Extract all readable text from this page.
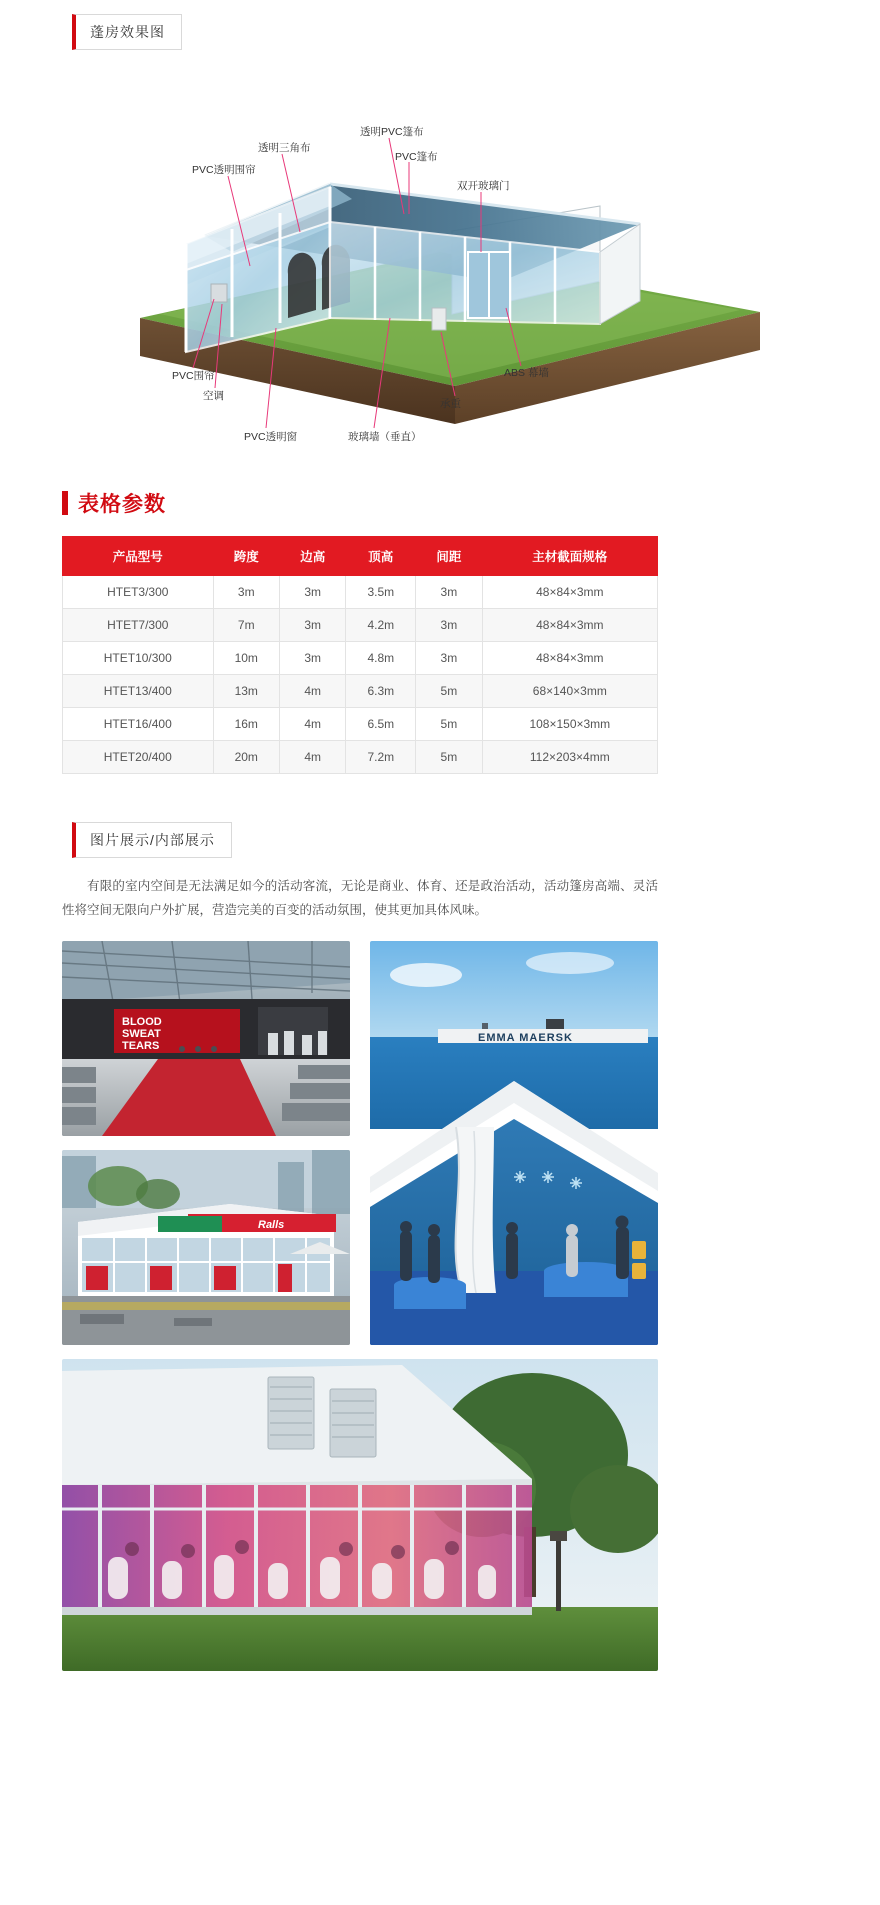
蓬房效果图
透明PVC篷布
PVC篷布
透明三角布
PVC透明围帘
双开玻璃门
PVC围帘
空调
PVC透明窗	玻璃墙（垂直）
承重
ABS 幕墙
表格参数
产品型号	跨度	边高	顶高	间距	主材截面规格
HTET3/300	3m	3m	3.5m	3m	48×84×3mm
HTET7/300	7m	3m	4.2m	3m	48×84×3mm
HTET10/300	10m	3m	4.8m	3m	48×84×3mm
HTET13/400	13m	4m	6.3m	5m	68×140×3mm
HTET16/400	16m	4m	6.5m	5m	108×150×3mm
HTET20/400	20m	4m	7.2m	5m	112×203×4mm
图片展示/内部展示

有限的室内空间是无法满足如今的活动客流，无论是商业、体育、还是政治活动，活动篷房高端、灵活性将空间无限向户外扩展，营造完美的百变的活动氛围，使其更加具体风味。

BLOOD
SWEAT
TEARS
EMMA MAERSK
Ralls
